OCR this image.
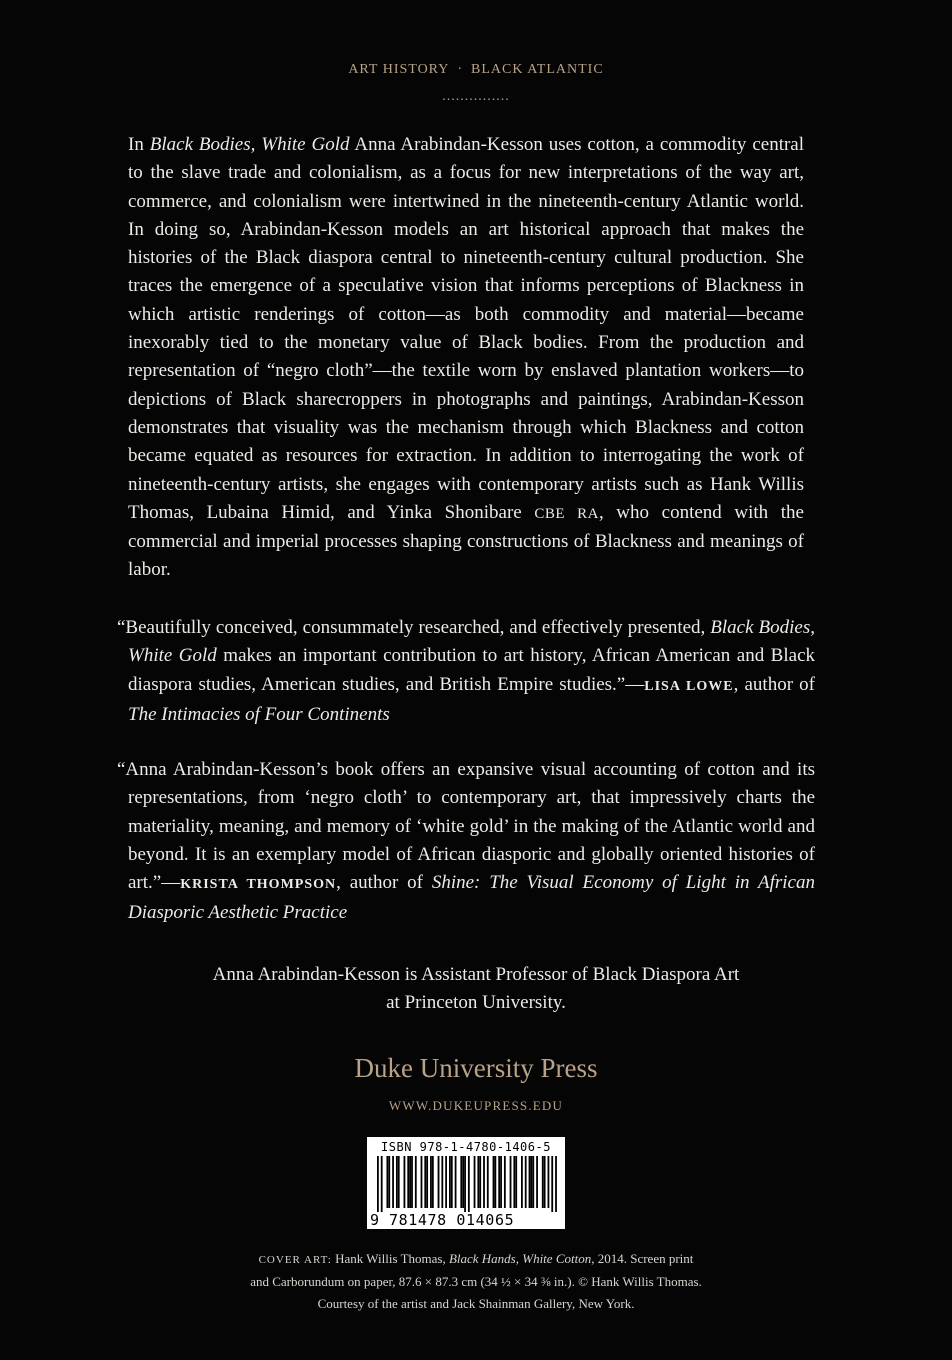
ART HISTORY · BLACK ATLANTIC
...............

In Black Bodies, White Gold Anna Arabindan-Kesson uses cotton, a commodity central to the slave trade and colonialism, as a focus for new interpretations of the way art, commerce, and colonialism were intertwined in the nineteenth-century Atlantic world. In doing so, Arabindan-Kesson models an art historical approach that makes the histories of the Black diaspora central to nineteenth-century cultural production. She traces the emergence of a speculative vision that informs perceptions of Blackness in which artistic renderings of cotton—as both commodity and material—became inexorably tied to the monetary value of Black bodies. From the production and representation of “negro cloth”—the textile worn by enslaved plantation workers—to depictions of Black sharecroppers in photographs and paintings, Arabindan-Kesson demonstrates that visuality was the mechanism through which Blackness and cotton became equated as resources for extraction. In addition to interrogating the work of nineteenth-century artists, she engages with contemporary artists such as Hank Willis Thomas, Lubaina Himid, and Yinka Shonibare CBE RA, who contend with the commercial and imperial processes shaping constructions of Blackness and meanings of labor.

“Beautifully conceived, consummately researched, and effectively presented, Black Bodies, White Gold makes an important contribution to art history, African American and Black diaspora studies, American studies, and British Empire studies.”—LISA LOWE, author of The Intimacies of Four Continents

“Anna Arabindan-Kesson’s book offers an expansive visual accounting of cotton and its representations, from ‘negro cloth’ to contemporary art, that impressively charts the materiality, meaning, and memory of ‘white gold’ in the making of the Atlantic world and beyond. It is an exemplary model of African diasporic and globally oriented histories of art.”—KRISTA THOMPSON, author of Shine: The Visual Economy of Light in African Diasporic Aesthetic Practice

Anna Arabindan-Kesson is Assistant Professor of Black Diaspora Art
at Princeton University.

Duke University Press
WWW.DUKEUPRESS.EDU
ISBN 978-1-4780-1406-5
9 781478 014065

COVER ART: Hank Willis Thomas, Black Hands, White Cotton, 2014. Screen print
and Carborundum on paper, 87.6 × 87.3 cm (34 ½ × 34 ⅜ in.). © Hank Willis Thomas.
Courtesy of the artist and Jack Shainman Gallery, New York.
